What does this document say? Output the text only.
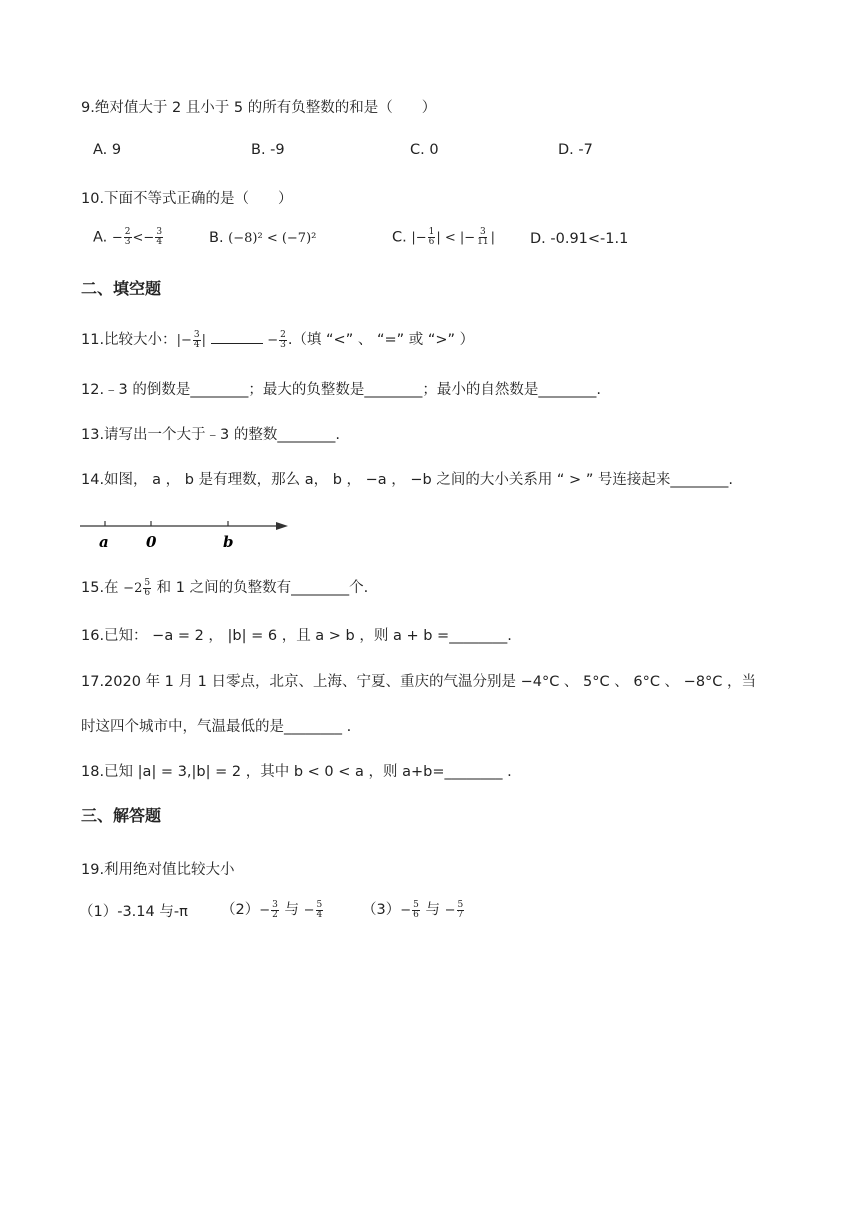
9.绝对值大于 2 且小于 5 的所有负整数的和是（　　）
A. 9	B. -9	C. 0	D. -7
10.下面不等式正确的是（　　）
A. − $\frac{2}{3} <- \frac{3}{4}$	B. (−8)² < (−7)²	C. |− $\frac{1}{6}$ | < |− $\frac{3}{11}$ | D. -0.91<-1.1
二、填空题
11.比较大小：|− $\frac{3}{4}$ |	− $\frac{2}{3}$ .（填 “<” 、 “=” 或 “>” ）
12.﹣3 的倒数是________；最大的负整数是________；最小的自然数是________.
13.请写出一个大于﹣3 的整数________.
14.如图， a ， b 是有理数，那么 a， b ， −a ， −b 之间的大小关系用 “ > ” 号连接起来________.
a 0	b
15.在 $-2 \frac{5}{6}$ 和 1 之间的负整数有________个.
16.已知： −a = 2 ， |b| = 6 ，且 a > b ，则 a + b =________.
17.2020 年 1 月 1 日零点，北京、上海、宁夏、重庆的气温分别是 −4°C 、 5°C 、 6°C 、 −8°C ，当
时这四个城市中，气温最低的是________ .
18.已知 |a| = 3,|b| = 2 ，其中 b < 0 < a ，则 a+b=________ .
三、解答题
19.利用绝对值比较大小
（1）-3.14 与-π $(2)- \frac{3}{2}$ 与 − $\frac{5}{4}$	$(3)- \frac{5}{6}$ 与 − $\frac{5}{7}$
